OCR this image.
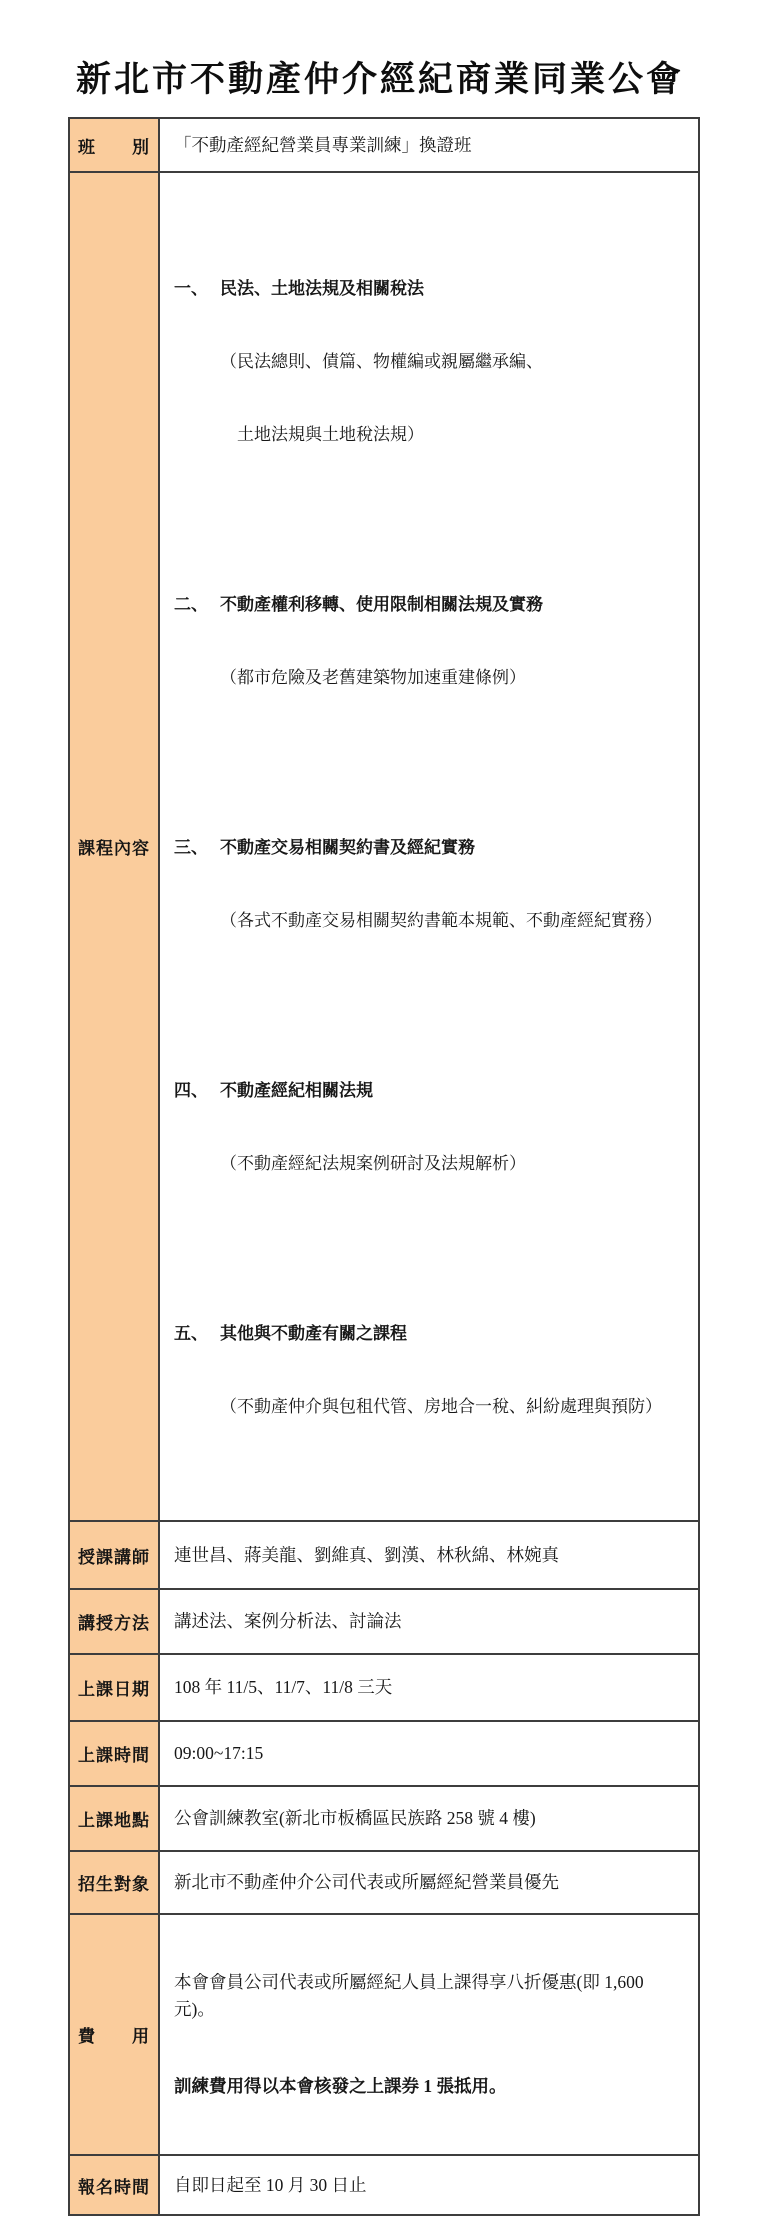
新北市不動產仲介經紀商業同業公會
班　　別	「不動產經紀營業員專業訓練」換證班
課程內容	

一、 民法、土地法規及相關稅法

（民法總則、債篇、物權編或親屬繼承編、

　土地法規與土地稅法規）

二、 不動產權利移轉、使用限制相關法規及實務

（都市危險及老舊建築物加速重建條例）

三、 不動產交易相關契約書及經紀實務

（各式不動產交易相關契約書範本規範、不動產經紀實務）

四、 不動產經紀相關法規

（不動產經紀法規案例研討及法規解析）

五、 其他與不動產有關之課程

（不動產仲介與包租代管、房地合一稅、糾紛處理與預防）

授課講師	連世昌、蔣美龍、劉維真、劉漢、林秋綿、林婉真
講授方法	講述法、案例分析法、討論法
上課日期	108 年 11/5、11/7、11/8 三天
上課時間	09:00~17:15
上課地點	公會訓練教室(新北市板橋區民族路 258 號 4 樓)
招生對象	新北市不動產仲介公司代表或所屬經紀營業員優先
費　　用	本會會員公司代表或所屬經紀人員上課得享八折優惠(即 1,600 元)。

訓練費用得以本會核發之上課券 1 張抵用。

報名時間	自即日起至 10 月 30 日止
